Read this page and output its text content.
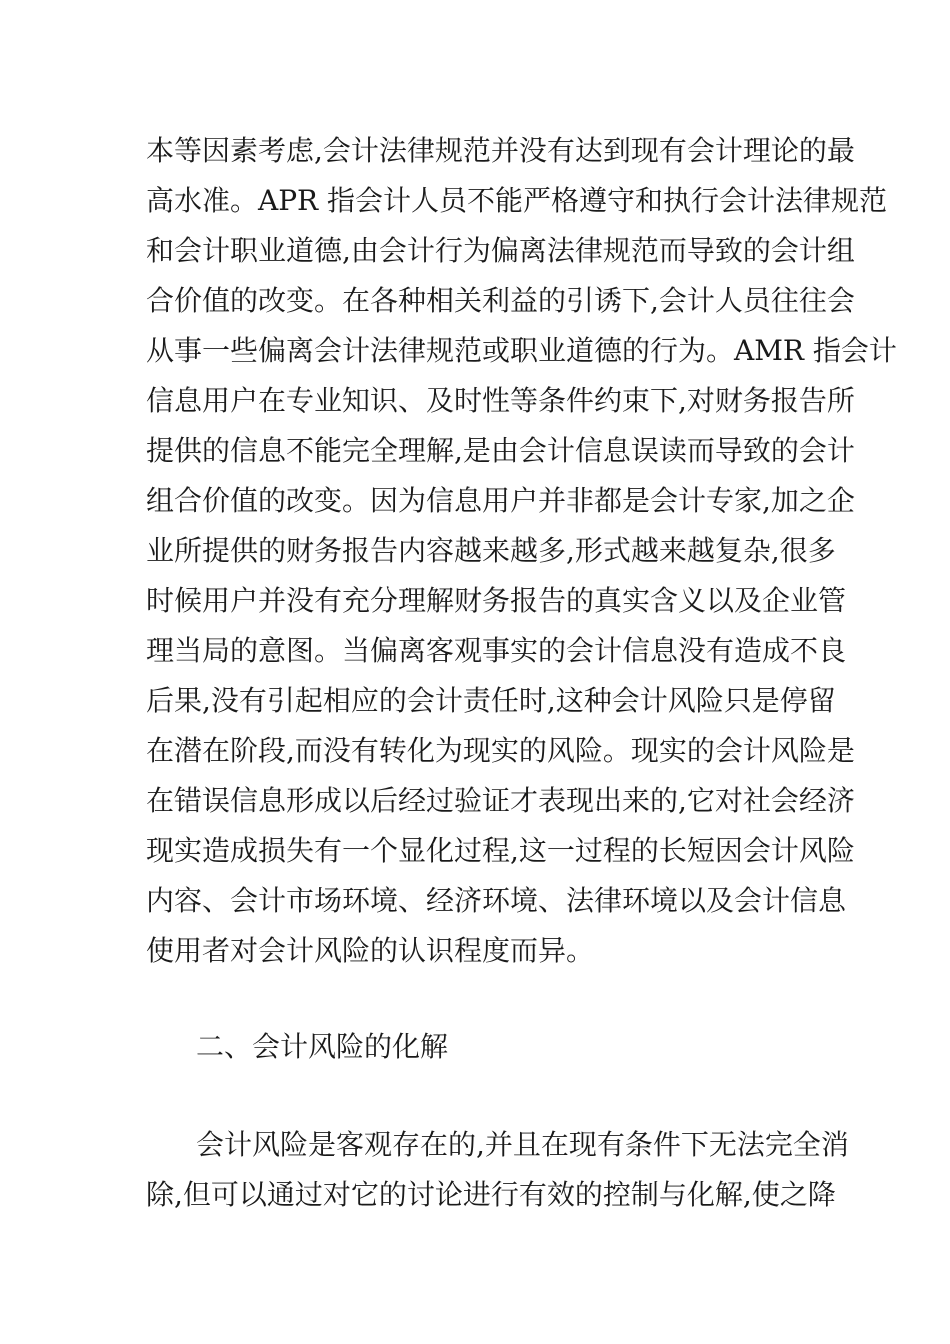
本等因素考虑,会计法律规范并没有达到现有会计理论的最
高水准。APR 指会计人员不能严格遵守和执行会计法律规范
和会计职业道德,由会计行为偏离法律规范而导致的会计组
合价值的改变。在各种相关利益的引诱下,会计人员往往会
从事一些偏离会计法律规范或职业道德的行为。AMR 指会计
信息用户在专业知识、及时性等条件约束下,对财务报告所
提供的信息不能完全理解,是由会计信息误读而导致的会计
组合价值的改变。因为信息用户并非都是会计专家,加之企
业所提供的财务报告内容越来越多,形式越来越复杂,很多
时候用户并没有充分理解财务报告的真实含义以及企业管
理当局的意图。当偏离客观事实的会计信息没有造成不良
后果,没有引起相应的会计责任时,这种会计风险只是停留
在潜在阶段,而没有转化为现实的风险。现实的会计风险是
在错误信息形成以后经过验证才表现出来的,它对社会经济
现实造成损失有一个显化过程,这一过程的长短因会计风险
内容、会计市场环境、经济环境、法律环境以及会计信息
使用者对会计风险的认识程度而异。
二、会计风险的化解
会计风险是客观存在的,并且在现有条件下无法完全消
除,但可以通过对它的讨论进行有效的控制与化解,使之降
